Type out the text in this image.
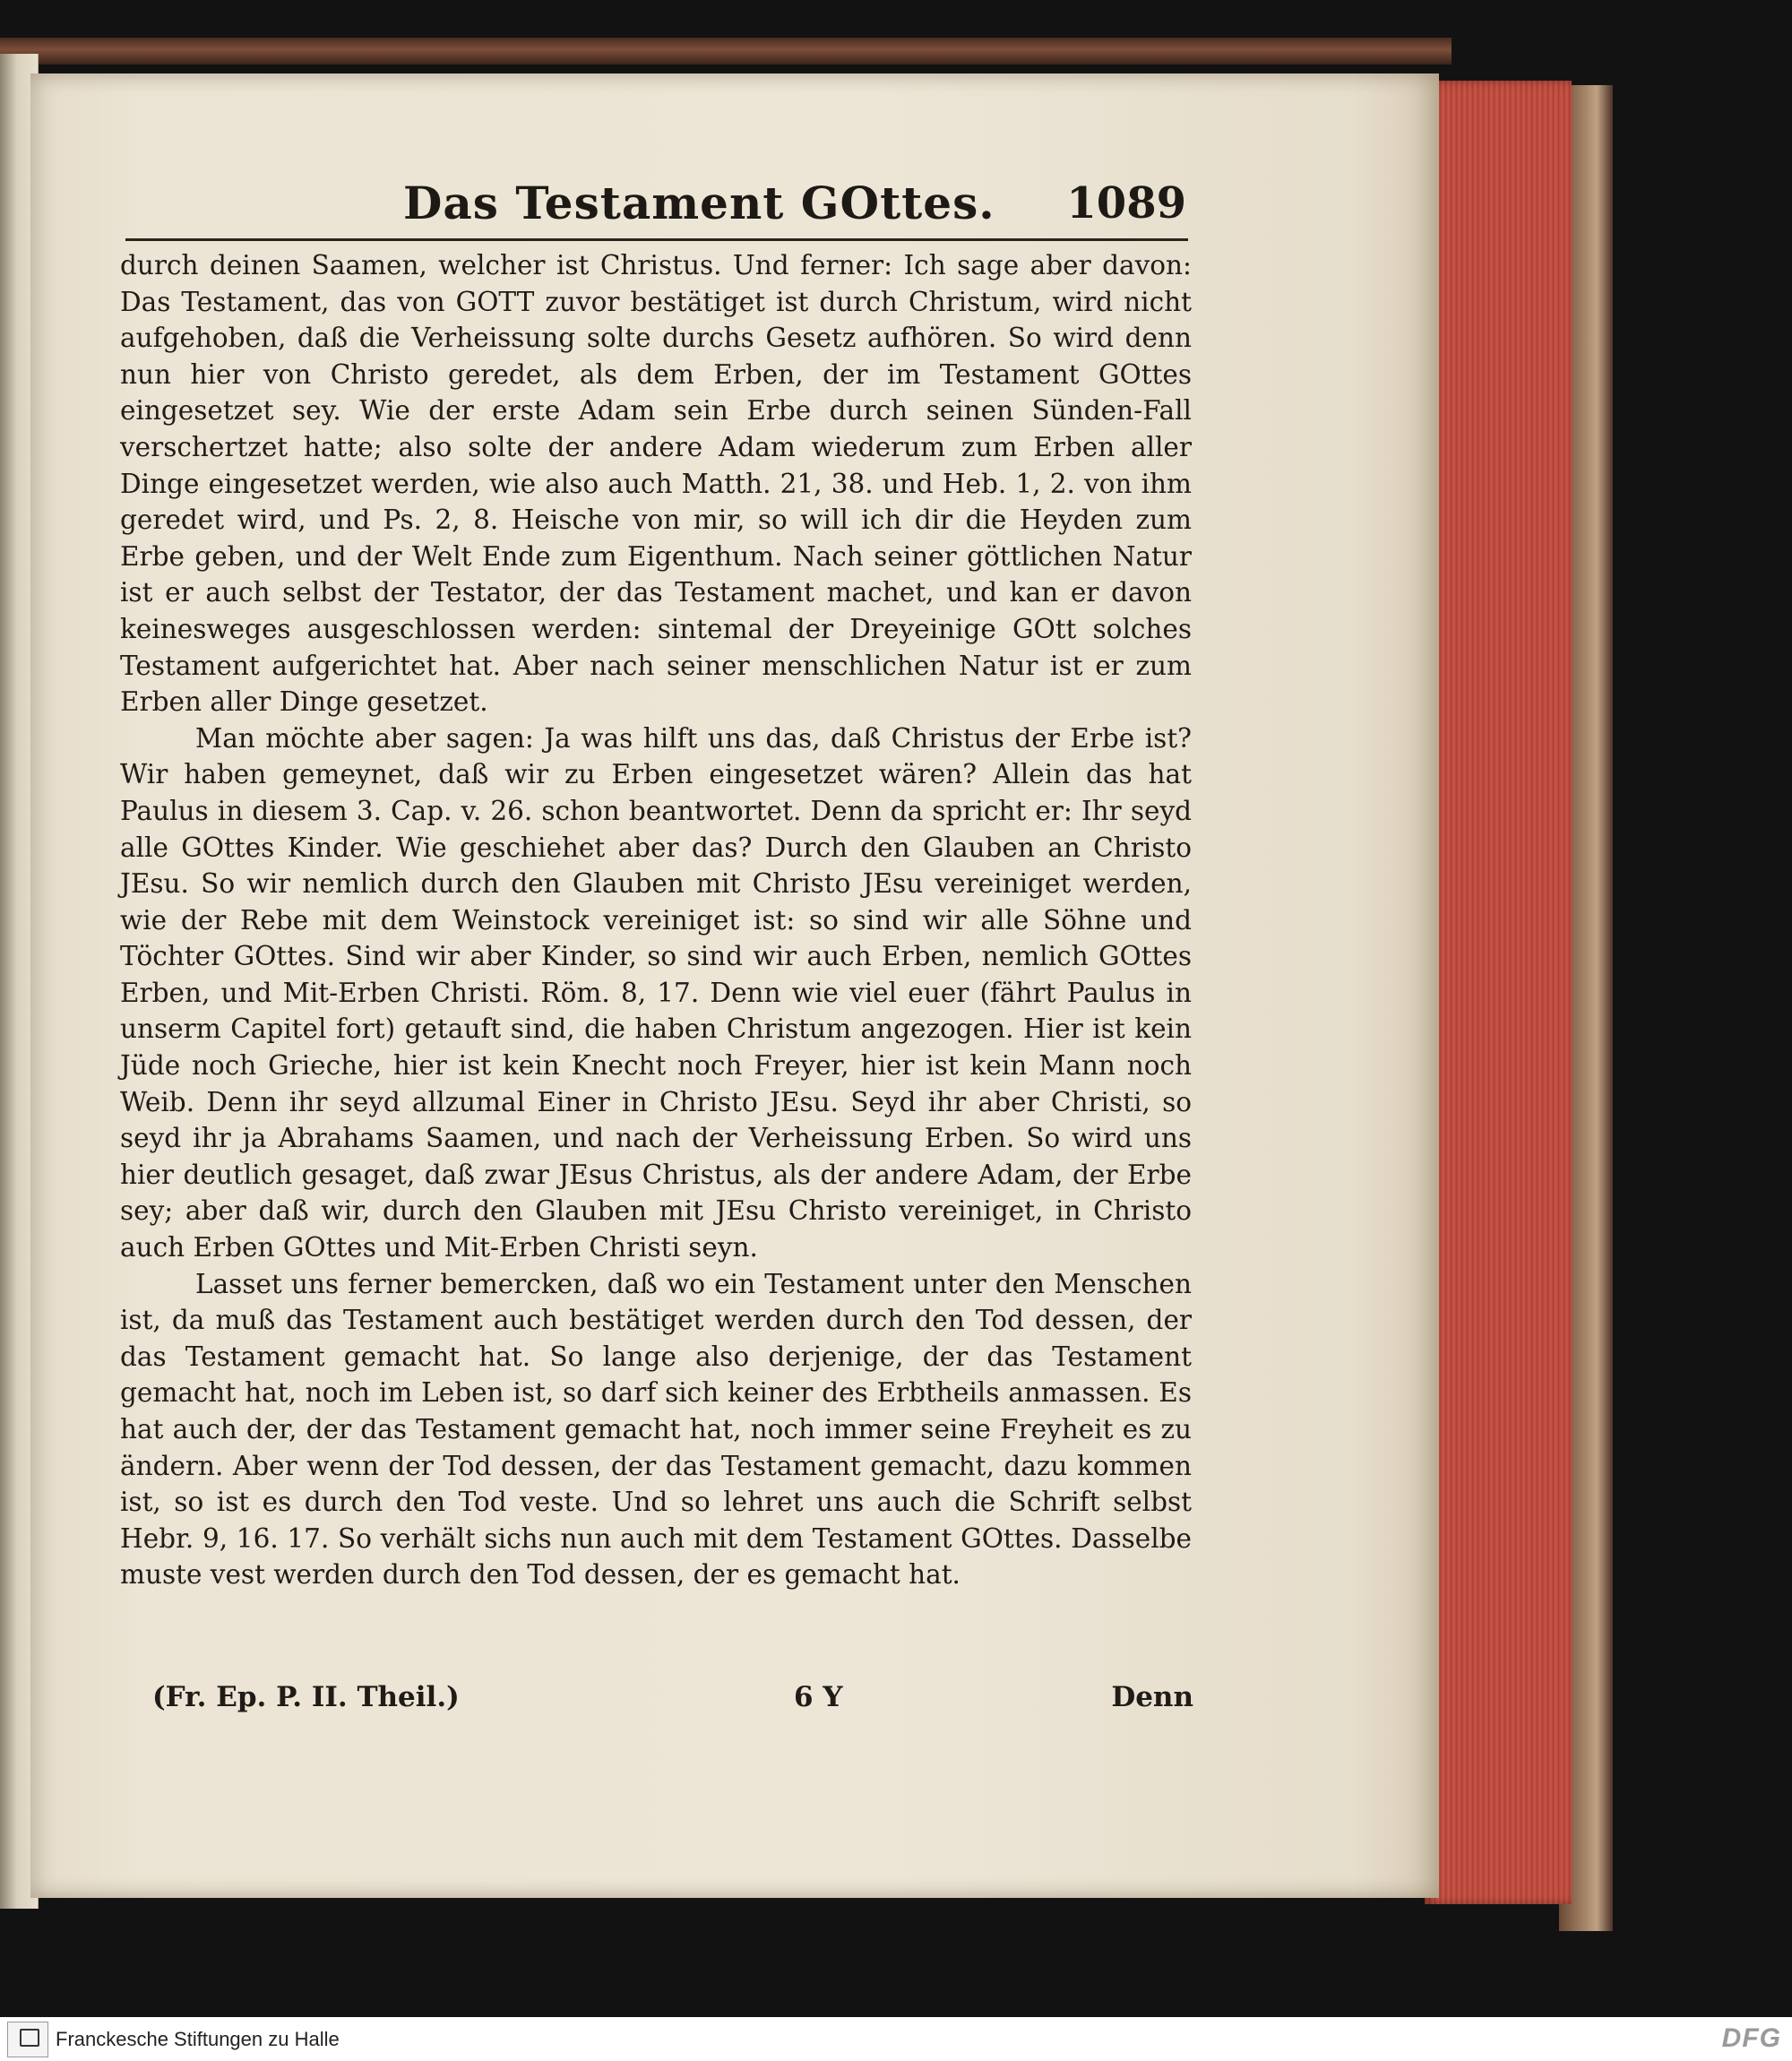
Das Testament GOttes. 1089

durch deinen Saamen, welcher ist Christus. Und ferner: Ich sage aber davon: Das Testament, das von GOTT zuvor bestätiget ist durch Christum, wird nicht aufgehoben, daß die Verheissung solte durchs Gesetz aufhören. So wird denn nun hier von Christo geredet, als dem Erben, der im Testament GOttes eingesetzet sey. Wie der erste Adam sein Erbe durch seinen Sünden-Fall verschertzet hatte; also solte der andere Adam wiederum zum Erben aller Dinge eingesetzet werden, wie also auch Matth. 21, 38. und Heb. 1, 2. von ihm geredet wird, und Ps. 2, 8. Heische von mir, so will ich dir die Heyden zum Erbe geben, und der Welt Ende zum Eigenthum. Nach seiner göttlichen Natur ist er auch selbst der Testator, der das Testament machet, und kan er davon keinesweges ausgeschlossen werden: sintemal der Dreyeinige GOtt solches Testament aufgerichtet hat. Aber nach seiner menschlichen Natur ist er zum Erben aller Dinge gesetzet.

Man möchte aber sagen: Ja was hilft uns das, daß Christus der Erbe ist? Wir haben gemeynet, daß wir zu Erben eingesetzet wären? Allein das hat Paulus in diesem 3. Cap. v. 26. schon beantwortet. Denn da spricht er: Ihr seyd alle GOttes Kinder. Wie geschiehet aber das? Durch den Glauben an Christo JEsu. So wir nemlich durch den Glauben mit Christo JEsu vereiniget werden, wie der Rebe mit dem Weinstock vereiniget ist: so sind wir alle Söhne und Töchter GOttes. Sind wir aber Kinder, so sind wir auch Erben, nemlich GOttes Erben, und Mit-Erben Christi. Röm. 8, 17. Denn wie viel euer (fährt Paulus in unserm Capitel fort) getauft sind, die haben Christum angezogen. Hier ist kein Jüde noch Grieche, hier ist kein Knecht noch Freyer, hier ist kein Mann noch Weib. Denn ihr seyd allzumal Einer in Christo JEsu. Seyd ihr aber Christi, so seyd ihr ja Abrahams Saamen, und nach der Verheissung Erben. So wird uns hier deutlich gesaget, daß zwar JEsus Christus, als der andere Adam, der Erbe sey; aber daß wir, durch den Glauben mit JEsu Christo vereiniget, in Christo auch Erben GOttes und Mit-Erben Christi seyn.

Lasset uns ferner bemercken, daß wo ein Testament unter den Menschen ist, da muß das Testament auch bestätiget werden durch den Tod dessen, der das Testament gemacht hat. So lange also derjenige, der das Testament gemacht hat, noch im Leben ist, so darf sich keiner des Erbtheils anmassen. Es hat auch der, der das Testament gemacht hat, noch immer seine Freyheit es zu ändern. Aber wenn der Tod dessen, der das Testament gemacht, dazu kommen ist, so ist es durch den Tod veste. Und so lehret uns auch die Schrift selbst Hebr. 9, 16. 17. So verhält sichs nun auch mit dem Testament GOttes. Dasselbe muste vest werden durch den Tod dessen, der es gemacht hat.

(Fr. Ep. P. II. Theil.)	6 Y	Denn
Franckesche Stiftungen zu Halle	DFG
